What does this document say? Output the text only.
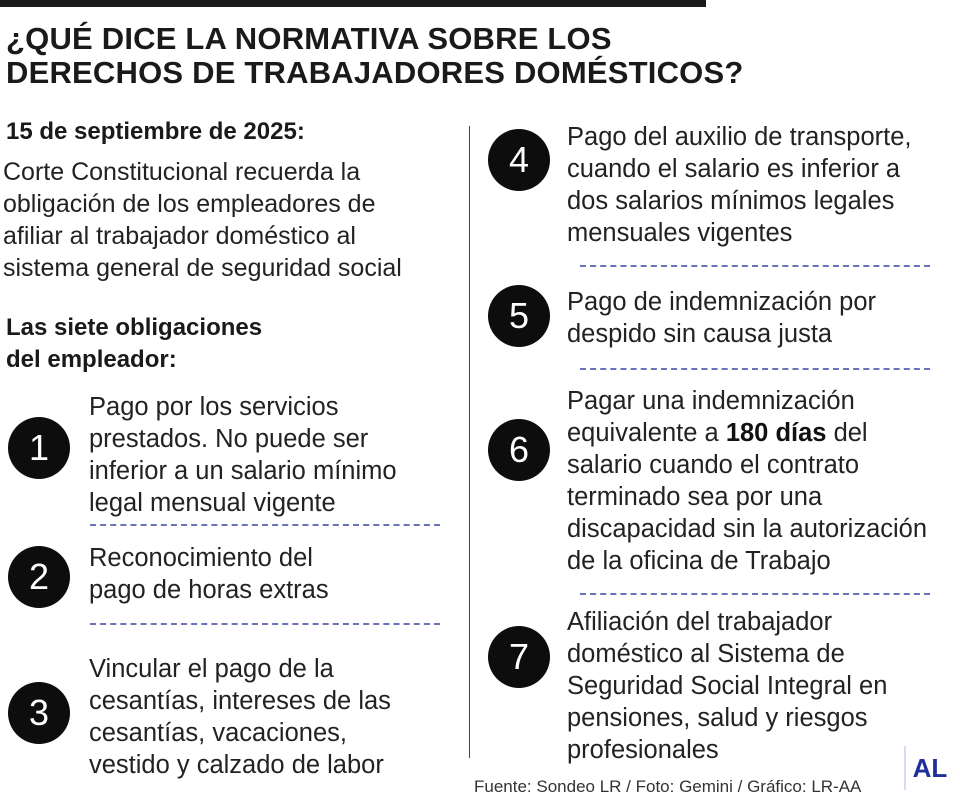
¿QUÉ DICE LA NORMATIVA SOBRE LOS
DERECHOS DE TRABAJADORES DOMÉSTICOS?
15 de septiembre de 2025:
Corte Constitucional recuerda la
obligación de los empleadores de
afiliar al trabajador doméstico al
sistema general de seguridad social
Las siete obligaciones
del empleador:
1
Pago por los servicios
prestados. No puede ser
inferior a un salario mínimo
legal mensual vigente
2	Reconocimiento del
pago de horas extras
3
Vincular el pago de la
cesantías, intereses de las
cesantías, vacaciones,
vestido y calzado de labor
4
Pago del auxilio de transporte,
cuando el salario es inferior a
dos salarios mínimos legales
mensuales vigentes
5	Pago de indemnización por
despido sin causa justa
6
Pagar una indemnización
equivalente a 180 días del
salario cuando el contrato
terminado sea por una
discapacidad sin la autorización
de la oficina de Trabajo
7
Afiliación del trabajador
doméstico al Sistema de
Seguridad Social Integral en
pensiones, salud y riesgos
profesionales
Fuente: Sondeo LR / Foto: Gemini / Gráfico: LR-AA
AL
